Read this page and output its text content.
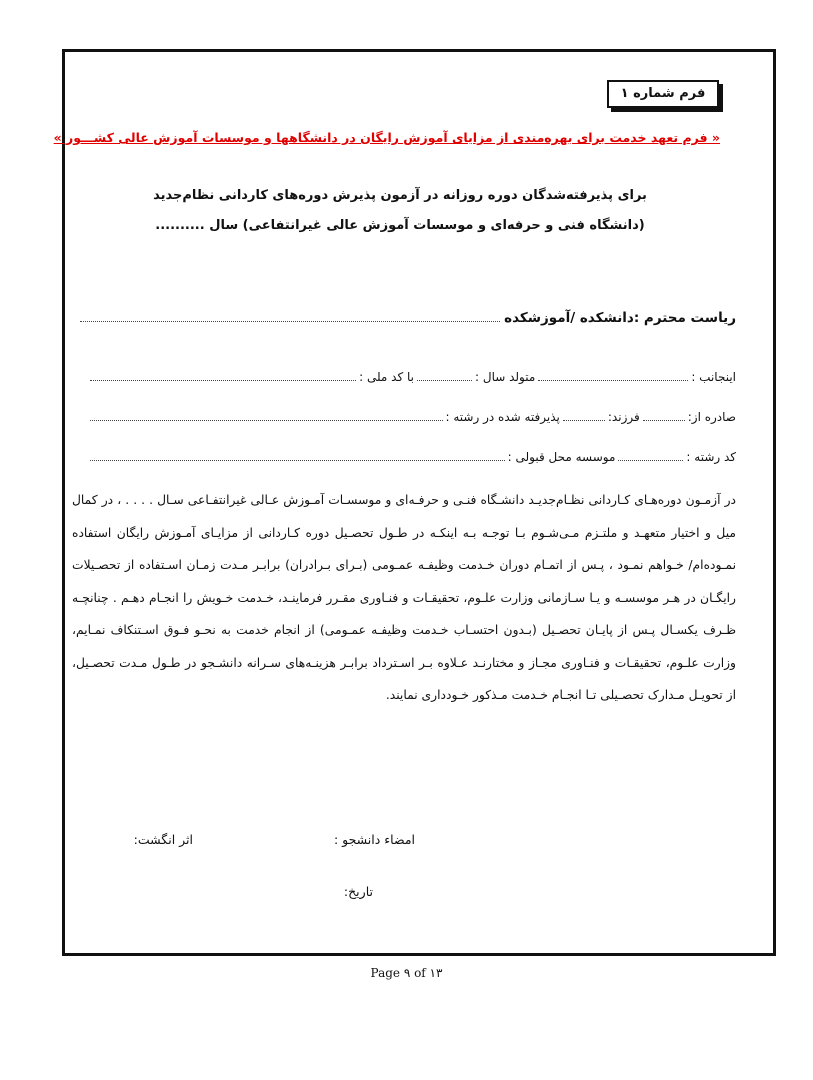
فرم شماره ۱
« فرم تعهد خدمت برای بهره‌مندی از مزایای آموزش رایگان در دانشگاهها و موسسات آموزش عالی کشـــور »
برای پذیرفته‌شدگان دوره روزانه در آزمون پذیرش دوره‌های کاردانی نظام‌جدید
(دانشگاه فنی و حرفه‌ای و موسسات آموزش عالی غیرانتفاعی) سال ..........
ریاست محترم :دانشکده /آموزشکده
اینجانب :
متولد سال :
با کد ملی :
صادره از:
فرزند:
پذیرفته شده در رشته :
کد رشته :
موسسه محل قبولی :
در آزمـون دوره‌هـای کـاردانی نظـام‌جدیـد دانشـگاه فنـی و حرفـه‌ای و موسسـات آمـوزش عـالی غیرانتفـاعی سـال . . . . ، در کمال میل و اختیار متعهـد و ملتـزم مـی‌شـوم بـا توجـه بـه اینکـه در طـول تحصـیل دوره کـاردانی از مزایـای آمـوزش رایگان استفاده نمـوده‌ام/ خـواهم نمـود ، پـس از اتمـام دوران خـدمت وظیفـه عمـومی (بـرای بـرادران) برابـر مـدت زمـان اسـتفاده از تحصـیلات رایگـان در هـر موسسـه و یـا سـازمانی وزارت علـوم، تحقیقـات و فنـاوری مقـرر فرماینـد، خـدمت خـویش را انجـام دهـم . چنانچـه ظـرف یکسـال پـس از پایـان تحصـیل (بـدون احتسـاب خـدمت وظیفـه عمـومی) از انجام خدمت به نحـو فـوق اسـتنکاف نمـایم، وزارت علـوم، تحقیقـات و فنـاوری مجـاز و مختارنـد عـلاوه بـر اسـترداد برابـر هزینـه‌های سـرانه دانشـجو در طـول مـدت تحصـیل، از تحویـل مـدارک تحصـیلی تـا انجـام خـدمت مـذکور خـودداری نمایند.
امضاء دانشجو :
اثر انگشت:
تاریخ:
Page ۹ of ۱۳
